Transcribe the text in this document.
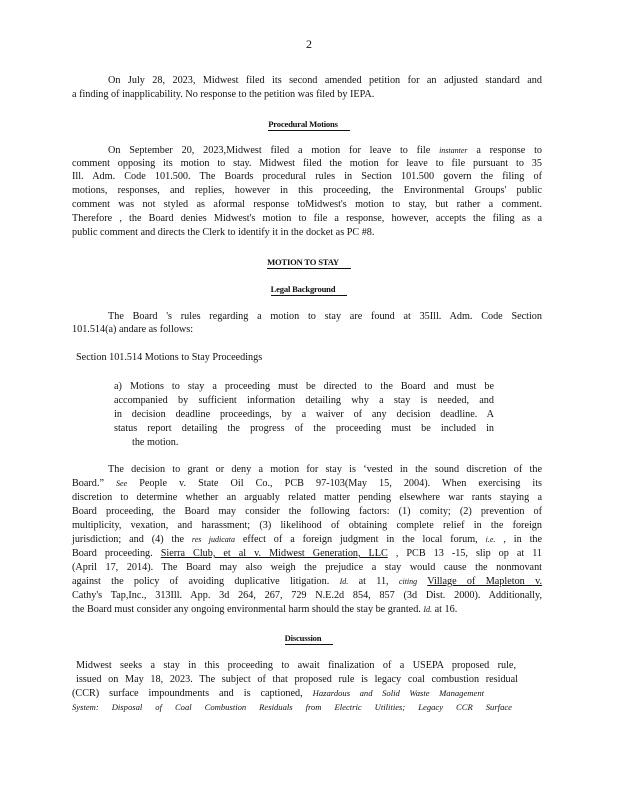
2
On July 28, 2023, Midwest filed its second amended petition for an adjusted standard and
a finding of inapplicability. No response to the petition was filed by IEPA.
Procedural Motions
On September 20, 2023,Midwest filed a motion for leave to file instanter a response to
comment opposing its motion to stay. Midwest filed the motion for leave to file pursuant to 35
Ill. Adm. Code 101.500. The Boards procedural rules in Section 101.500 govern the filing of
motions, responses, and replies, however in this proceeding, the Environmental Groups' public
comment was not styled as aformal response toMidwest's motion to stay, but rather a comment.
Therefore , the Board denies Midwest's motion to file a response, however, accepts the filing as a
public comment and directs the Clerk to identify it in the docket as PC #8.
MOTION TO STAY
Legal Background
The Board 's rules regarding a motion to stay are found at 35Ill. Adm. Code Section
101.514(a) andare as follows:
Section 101.514 Motions to Stay Proceedings
a) Motions to stay a proceeding must be directed to the Board and must be
accompanied by sufficient information detailing why a stay is needed, and
in decision deadline proceedings, by a waiver of any decision deadline. A
status report detailing the progress of the proceeding must be included in
the motion.
The decision to grant or deny a motion for stay is ‘vested in the sound discretion of the
Board.” See People v. State Oil Co., PCB 97-103(May 15, 2004). When exercising its
discretion to determine whether an arguably related matter pending elsewhere war rants staying a
Board proceeding, the Board may consider the following factors: (1) comity; (2) prevention of
multiplicity, vexation, and harassment; (3) likelihood of obtaining complete relief in the foreign
jurisdiction; and (4) the res judicata effect of a foreign judgment in the local forum, i.e. , in the
Board proceeding. Sierra Club, et al v. Midwest Generation, LLC , PCB 13 -15, slip op at 11
(April 17, 2014). The Board may also weigh the prejudice a stay would cause the nonmovant
against the policy of avoiding duplicative litigation. Id. at 11, citing Village of Mapleton v.
Cathy's Tap,Inc., 313Ill. App. 3d 264, 267, 729 N.E.2d 854, 857 (3d Dist. 2000). Additionally,
the Board must consider any ongoing environmental harm should the stay be granted. Id. at 16.
Discussion
Midwest seeks a stay in this proceeding to await finalization of a USEPA proposed rule,
issued on May 18, 2023. The subject of that proposed rule is legacy coal combustion residual
(CCR) surface impoundments and is captioned, Hazardous and Solid Waste Management
System: Disposal of Coal Combustion Residuals from Electric Utilities; Legacy CCR Surface
